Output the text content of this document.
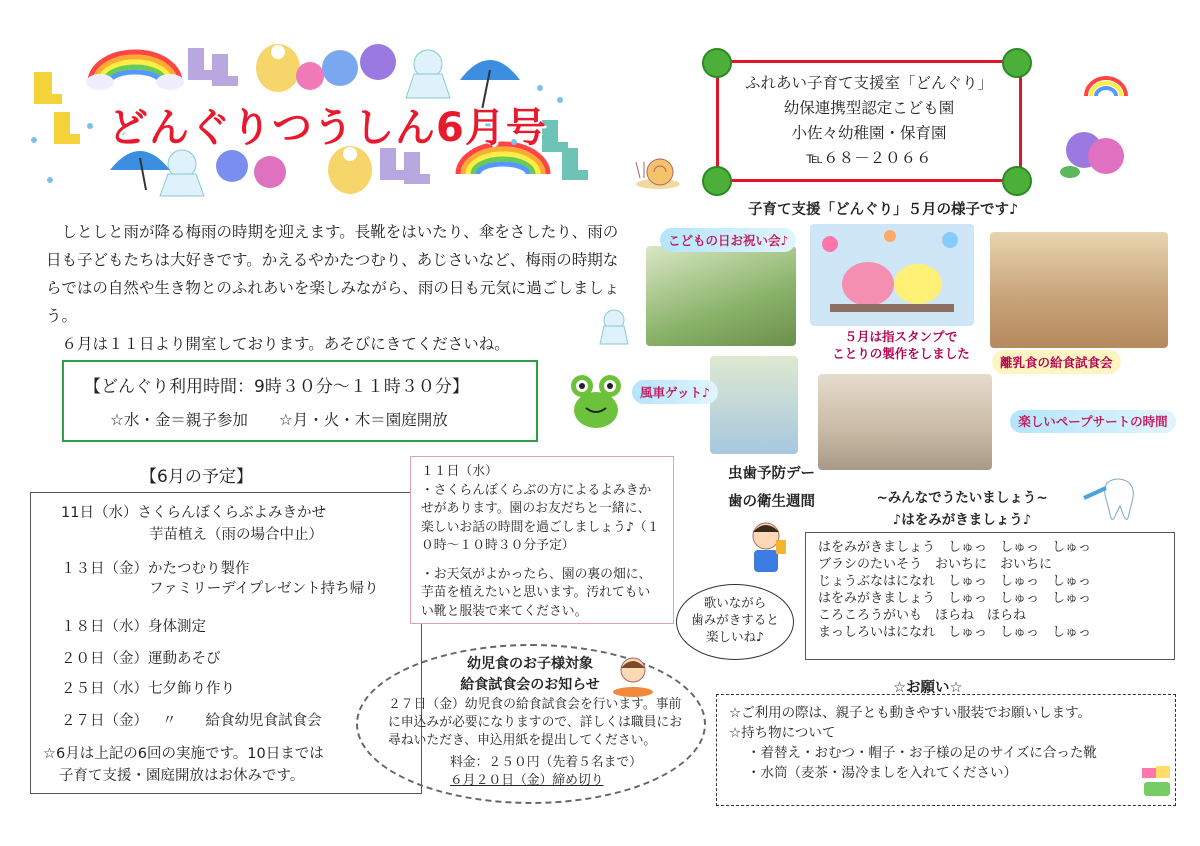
どんぐりつうしん6月号

しとしと雨が降る梅雨の時期を迎えます。長靴をはいたり、傘をさしたり、雨の日も子どもたちは大好きです。かえるやかたつむり、あじさいなど、梅雨の時期ならではの自然や生き物とのふれあいを楽しみながら、雨の日も元気に過ごしましょう。

６月は１１日より開室しております。あそびにきてくださいね。

【どんぐり利用時間：9時３０分～１１時３０分】
☆水・金＝親子参加　　☆月・火・木＝園庭開放
【6月の予定】
11日（水）さくらんぼくらぶよみきかせ
芋苗植え（雨の場合中止）
１３日（金）かたつむり製作
ファミリーデイプレゼント持ち帰り
１８日（水）身体測定
２０日（金）運動あそび
２５日（水）七夕飾り作り
２７日（金） 〃　　給食幼児食試食会
☆6月は上記の6回の実施です。10日までは
子育て支援・園庭開放はお休みです。

１１日（水）

・さくらんぼくらぶの方によるよみきかせがあります。園のお友だちと一緒に、楽しいお話の時間を過ごしましょう♪（１０時～１０時３０分予定）

・お天気がよかったら、園の裏の畑に、芋苗を植えたいと思います。汚れてもいい靴と服装で来てください。

幼児食のお子様対象
給食試食会のお知らせ
２７日（金）幼児食の給食試食会を行います。事前に申込みが必要になりますので、詳しくは職員にお尋ねいただき、申込用紙を提出してください。
料金：２５０円（先着５名まで）
６月２０日（金）締め切り
ふれあい子育て支援室「どんぐり」
幼保連携型認定こども園
小佐々幼稚園・保育園
℡６８－２０６６
子育て支援「どんぐり」５月の様子です♪
こどもの日お祝い会♪
５月は指スタンプで
ことりの製作をしました
離乳食の給食試食会
風車ゲット♪
楽しいペープサートの時間
虫歯予防デー
歯の衛生週間
歌いながら
歯みがきすると
楽しいね♪
~みんなでうたいましょう~
♪はをみがきましょう♪

はをみがきましょう　しゅっ　しゅっ　しゅっ

ブラシのたいそう　おいちに　おいちに

じょうぶなはになれ　しゅっ　しゅっ　しゅっ

はをみがきましょう　しゅっ　しゅっ　しゅっ

ころころうがいも　ほらね　ほらね

まっしろいはになれ　しゅっ　しゅっ　しゅっ

☆お願い☆

☆ご利用の際は、親子とも動きやすい服装でお願いします。

☆持ち物について

・着替え・おむつ・帽子・お子様の足のサイズに合った靴

・水筒（麦茶・湯冷ましを入れてください）
